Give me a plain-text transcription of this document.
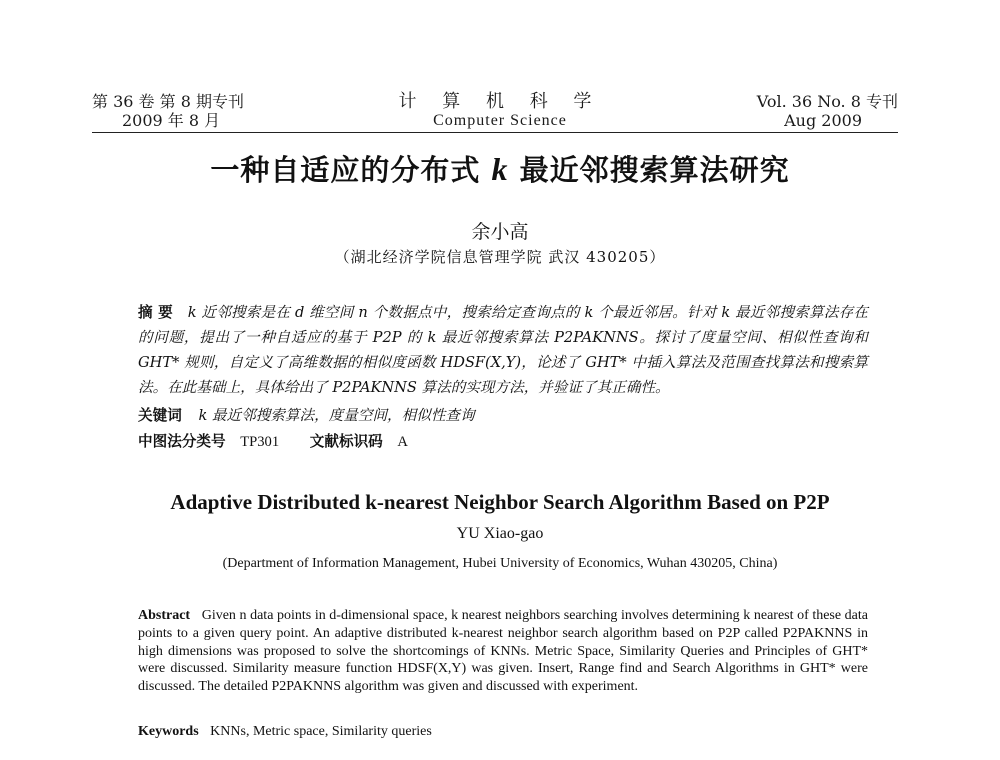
第 36 卷 第 8 期专刊
2009 年 8 月
计 算 机 科 学
Computer Science
Vol. 36 No. 8 专刊
Aug 2009
一种自适应的分布式 k 最近邻搜索算法研究
余小高
（湖北经济学院信息管理学院 武汉 430205）
摘 要 k 近邻搜索是在 d 维空间 n 个数据点中，搜索给定查询点的 k 个最近邻居。针对 k 最近邻搜索算法存在的问题，提出了一种自适应的基于 P2P 的 k 最近邻搜索算法 P2PAKNNS。探讨了度量空间、相似性查询和 GHT* 规则，自定义了高维数据的相似度函数 HDSF(X,Y)，论述了 GHT* 中插入算法及范围查找算法和搜索算法。在此基础上，具体给出了 P2PAKNNS 算法的实现方法，并验证了其正确性。
关键词 k 最近邻搜索算法，度量空间，相似性查询
中图法分类号 TP301 文献标识码 A
Adaptive Distributed k-nearest Neighbor Search Algorithm Based on P2P
YU Xiao-gao
(Department of Information Management, Hubei University of Economics, Wuhan 430205, China)
Abstract Given n data points in d-dimensional space, k nearest neighbors searching involves determining k nearest of these data points to a given query point. An adaptive distributed k-nearest neighbor search algorithm based on P2P called P2PAKNNS in high dimensions was proposed to solve the shortcomings of KNNs. Metric Space, Similarity Queries and Principles of GHT* were discussed. Similarity measure function HDSF(X,Y) was given. Insert, Range find and Search Algorithms in GHT* were discussed. The detailed P2PAKNNS algorithm was given and discussed with experiment.
Keywords KNNs, Metric space, Similarity queries
